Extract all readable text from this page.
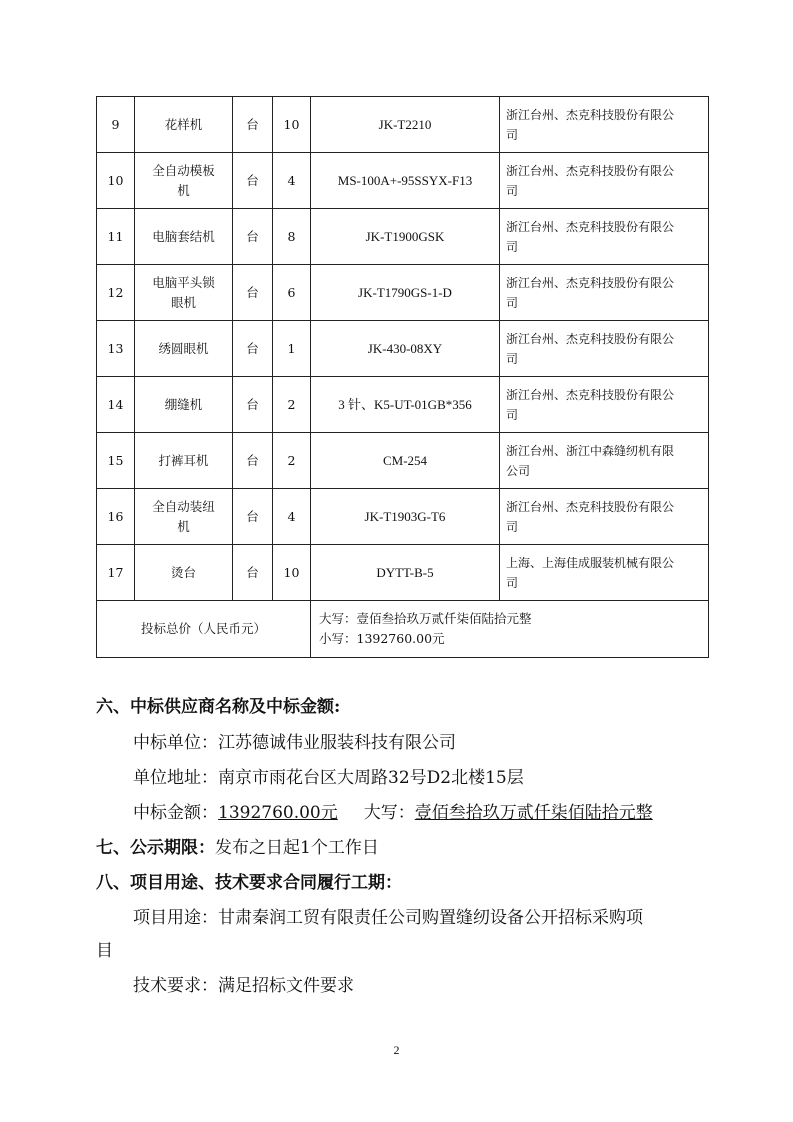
9	花样机	台	10	JK-T2210	浙江台州、杰克科技股份有限公
司

10	全自动模板
机	台	4	MS-100A+-95SSYX-F13	浙江台州、杰克科技股份有限公
司

11	电脑套结机	台	8	JK-T1900GSK	浙江台州、杰克科技股份有限公
司

12	电脑平头锁
眼机	台	6	JK-T1790GS-1-D	浙江台州、杰克科技股份有限公
司

13	绣圆眼机	台	1	JK-430-08XY	浙江台州、杰克科技股份有限公
司

14	绷缝机	台	2	3 针、K5-UT-01GB*356	浙江台州、杰克科技股份有限公
司

15	打裤耳机	台	2	CM-254	浙江台州、浙江中森缝纫机有限
公司

16	全自动装纽
机	台	4	JK-T1903G-T6	浙江台州、杰克科技股份有限公
司

17	烫台	台	10	DYTT-B-5	上海、上海佳成服装机械有限公
司

投标总价（人民币元）				大写：壹佰叁拾玖万贰仟柒佰陆拾元整
小写：1392760.00元	
六、中标供应商名称及中标金额:
中标单位：江苏德诚伟业服装科技有限公司
单位地址：南京市雨花台区大周路32号D2北楼15层
中标金额：1392760.00元 大写：壹佰叁拾玖万贰仟柒佰陆拾元整
七、公示期限：发布之日起1个工作日
八、项目用途、技术要求合同履行工期：
项目用途：甘肃秦润工贸有限责任公司购置缝纫设备公开招标采购项
目
技术要求：满足招标文件要求
2
